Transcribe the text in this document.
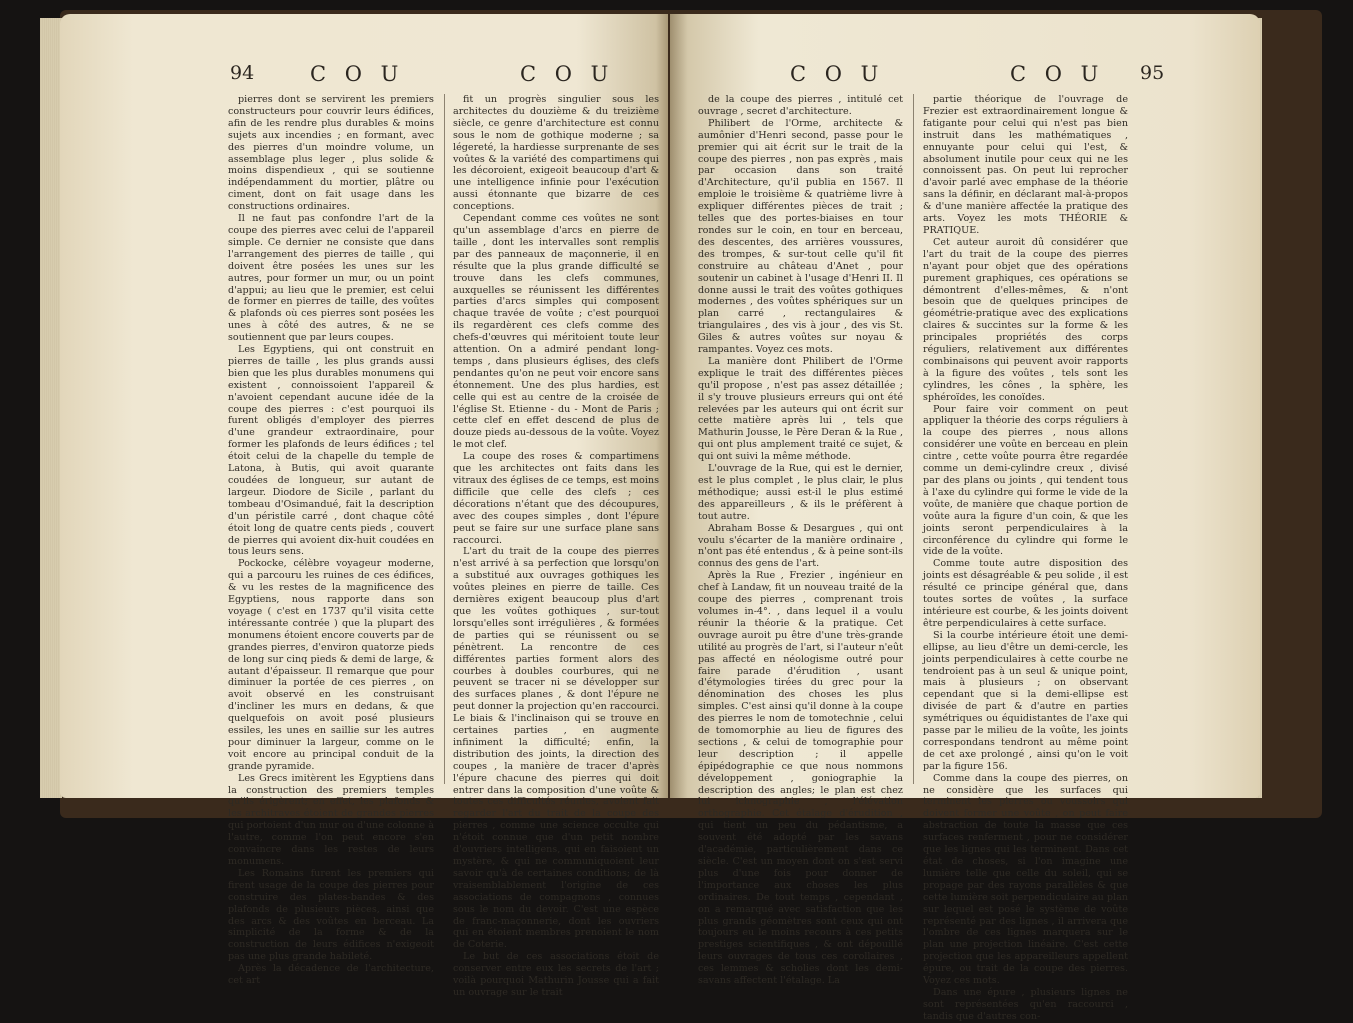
94	C O U	C O U

pierres dont se servirent les premiers constructeurs pour couvrir leurs édifices, afin de les rendre plus durables & moins sujets aux incendies ; en formant, avec des pierres d'un moindre volume, un assemblage plus leger , plus solide & moins dispendieux , qui se soutienne indépendamment du mortier, plâtre ou ciment, dont on fait usage dans les constructions ordinaires.

Il ne faut pas confondre l'art de la coupe des pierres avec celui de l'appareil simple. Ce dernier ne consiste que dans l'arrangement des pierres de taille , qui doivent être posées les unes sur les autres, pour former un mur, ou un point d'appui; au lieu que le premier, est celui de former en pierres de taille, des voûtes & plafonds où ces pierres sont posées les unes à côté des autres, & ne se soutiennent que par leurs coupes.

Les Egyptiens, qui ont construit en pierres de taille , les plus grands aussi bien que les plus durables monumens qui existent , connoissoient l'appareil & n'avoient cependant aucune idée de la coupe des pierres : c'est pourquoi ils furent obligés d'employer des pierres d'une grandeur extraordinaire, pour former les plafonds de leurs édifices ; tel étoit celui de la chapelle du temple de Latona, à Butis, qui avoit quarante coudées de longueur, sur autant de largeur. Diodore de Sicile , parlant du tombeau d'Osimandué, fait la description d'un péristile carré , dont chaque côté étoit long de quatre cents pieds , couvert de pierres qui avoient dix-huit coudées en tous leurs sens.

Pockocke, célèbre voyageur moderne, qui a parcouru les ruines de ces édifices, & vu les restes de la magnificence des Egyptiens, nous rapporte dans son voyage ( c'est en 1737 qu'il visita cette intéressante contrée ) que la plupart des monumens étoient encore couverts par de grandes pierres, d'environ quatorze pieds de long sur cinq pieds & demi de large, & autant d'épaisseur. Il remarque que pour diminuer la portée de ces pierres , on avoit observé en les construisant d'incliner les murs en dedans, & que quelquefois on avoit posé plusieurs essiles, les unes en saillie sur les autres pour diminuer la largeur, comme on le voit encore au principal conduit de la grande pyramide.

Les Grecs imitèrent les Egyptiens dans la construction des premiers temples qu'ils érigèrent; en effet, les plafonds & les architraves étoient de grandes pierres qui portoient d'un mur ou d'une colonne à l'autre, comme l'on peut encore s'en convaincre dans les restes de leurs monumens.

Les Romains furent les premiers qui firent usage de la coupe des pierres pour construire des plates-bandes & des plafonds de plusieurs pièces, ainsi que des arcs & des voûtes en berceau. La simplicité de la forme & de la construction de leurs édifices n'exigeoit pas une plus grande habileté.

Après la décadence de l'architecture, cet art

fit un progrès singulier sous les architectes du douzième & du treizième siècle, ce genre d'architecture est connu sous le nom de gothique moderne ; sa légereté, la hardiesse surprenante de ses voûtes & la variété des compartimens qui les décoroient, exigeoit beaucoup d'art & une intelligence infinie pour l'exécution aussi étonnante que bizarre de ces conceptions.

Cependant comme ces voûtes ne sont qu'un assemblage d'arcs en pierre de taille , dont les intervalles sont remplis par des panneaux de maçonnerie, il en résulte que la plus grande difficulté se trouve dans les clefs communes, auxquelles se réunissent les différentes parties d'arcs simples qui composent chaque travée de voûte ; c'est pourquoi ils regardèrent ces clefs comme des chefs-d'œuvres qui méritoient toute leur attention. On a admiré pendant long-temps , dans plusieurs églises, des clefs pendantes qu'on ne peut voir encore sans étonnement. Une des plus hardies, est celle qui est au centre de la croisée de l'église St. Etienne - du - Mont de Paris ; cette clef en effet descend de plus de douze pieds au-dessous de la voûte. Voyez le mot clef.

La coupe des roses & compartimens que les architectes ont faits dans les vitraux des églises de ce temps, est moins difficile que celle des clefs ; ces décorations n'étant que des découpures, avec des coupes simples , dont l'épure peut se faire sur une surface plane sans raccourci.

L'art du trait de la coupe des pierres n'est arrivé à sa perfection que lorsqu'on a substitué aux ouvrages gothiques les voûtes pleines en pierre de taille. Ces dernières exigent beaucoup plus d'art que les voûtes gothiques , sur-tout lorsqu'elles sont irrégulières , & formées de parties qui se réunissent ou se pénètrent. La rencontre de ces différentes parties forment alors des courbes à doubles courbures, qui ne peuvent se tracer ni se développer sur des surfaces planes , & dont l'épure ne peut donner la projection qu'en raccourci. Le biais & l'inclinaison qui se trouve en certaines parties , en augmente infiniment la difficulté; enfin, la distribution des joints, la direction des coupes , la manière de tracer d'après l'épure chacune des pierres qui doit entrer dans la composition d'une voûte & toutes ces difficultés réunies, avoient fait regarder l'art du trait de la coupe des pierres , comme une science occulte qui n'étoit connue que d'un petit nombre d'ouvriers intelligens, qui en faisoient un mystère, & qui ne communiquoient leur savoir qu'à de certaines conditions; de là vraisemblablement l'origine de ces associations de compagnons , connues sous le nom du devoir. C'est une espèce de franc-maçonnerie, dont les ouvriers qui en étoient membres prenoient le nom de Coterie.

Le but de ces associations étoit de conserver entre eux les secrets de l'art ; voilà pourquoi Mathurin Jousse qui a fait un ouvrage sur le trait

C O U	C O U 95

de la coupe des pierres , intitulé cet ouvrage , secret d'architecture.

Philibert de l'Orme, architecte & aumônier d'Henri second, passe pour le premier qui ait écrit sur le trait de la coupe des pierres , non pas exprès , mais par occasion dans son traité d'Architecture, qu'il publia en 1567. Il emploie le troisième & quatrième livre à expliquer différentes pièces de trait ; telles que des portes-biaises en tour rondes sur le coin, en tour en berceau, des descentes, des arrières voussures, des trompes, & sur-tout celle qu'il fit construire au château d'Anet , pour soutenir un cabinet à l'usage d'Henri II. Il donne aussi le trait des voûtes gothiques modernes , des voûtes sphériques sur un plan carré , rectangulaires & triangulaires , des vis à jour , des vis St. Giles & autres voûtes sur noyau & rampantes. Voyez ces mots.

La manière dont Philibert de l'Orme explique le trait des différentes pièces qu'il propose , n'est pas assez détaillée ; il s'y trouve plusieurs erreurs qui ont été relevées par les auteurs qui ont écrit sur cette matière après lui , tels que Mathurin Jousse, le Père Deran & la Rue , qui ont plus amplement traité ce sujet, & qui ont suivi la même méthode.

L'ouvrage de la Rue, qui est le dernier, est le plus complet , le plus clair, le plus méthodique; aussi est-il le plus estimé des appareilleurs , & ils le préfèrent à tout autre.

Abraham Bosse & Desargues , qui ont voulu s'écarter de la manière ordinaire , n'ont pas été entendus , & à peine sont-ils connus des gens de l'art.

Après la Rue , Frezier , ingénieur en chef à Landaw, fit un nouveau traité de la coupe des pierres , comprenant trois volumes in-4°. , dans lequel il a voulu réunir la théorie & la pratique. Cet ouvrage auroit pu être d'une très-grande utilité au progrès de l'art, si l'auteur n'eût pas affecté en néologisme outré pour faire parade d'érudition , usant d'étymologies tirées du grec pour la dénomination des choses les plus simples. C'est ainsi qu'il donne à la coupe des pierres le nom de tomotechnie , celui de tomomorphie au lieu de figures des sections , & celui de tomographie pour leur description ; il appelle épipédographie ce que nous nommons développement , goniographie la description des angles; le plan est chez lui ichnographie , l'élévation orthographie. Cet étalage d'érudition , qui tient un peu du pédantisme, a souvent été adopté par les savans d'académie, particulièrement dans ce siècle. C'est un moyen dont on s'est servi plus d'une fois pour donner de l'importance aux choses les plus ordinaires. De tout temps , cependant , on a remarqué avec satisfaction que les plus grands géomètres sont ceux qui ont toujours eu le moins recours à ces petits prestiges scientifiques , & ont dépouillé leurs ouvrages de tous ces corollaires , ces lemmes & scholies dont les demi-savans affectent l'étalage. La

partie théorique de l'ouvrage de Frezier est extraordinairement longue & fatigante pour celui qui n'est pas bien instruit dans les mathématiques , ennuyante pour celui qui l'est, & absolument inutile pour ceux qui ne les connoissent pas. On peut lui reprocher d'avoir parlé avec emphase de la théorie sans la définir, en déclarant mal-à-propos & d'une manière affectée la pratique des arts. Voyez les mots THÉORIE & PRATIQUE.

Cet auteur auroit dû considérer que l'art du trait de la coupe des pierres n'ayant pour objet que des opérations purement graphiques, ces opérations se démontrent d'elles-mêmes, & n'ont besoin que de quelques principes de géométrie-pratique avec des explications claires & succintes sur la forme & les principales propriétés des corps réguliers, relativement aux différentes combinaisons qui peuvent avoir rapports à la figure des voûtes , tels sont les cylindres, les cônes , la sphère, les sphéroïdes, les conoïdes.

Pour faire voir comment on peut appliquer la théorie des corps réguliers à la coupe des pierres , nous allons considérer une voûte en berceau en plein cintre , cette voûte pourra être regardée comme un demi-cylindre creux , divisé par des plans ou joints , qui tendent tous à l'axe du cylindre qui forme le vide de la voûte, de manière que chaque portion de voûte aura la figure d'un coin, & que les joints seront perpendiculaires à la circonférence du cylindre qui forme le vide de la voûte.

Comme toute autre disposition des joints est désagréable & peu solide , il est résulté ce principe général que, dans toutes sortes de voûtes , la surface intérieure est courbe, & les joints doivent être perpendiculaires à cette surface.

Si la courbe intérieure étoit une demi-ellipse, au lieu d'être un demi-cercle, les joints perpendiculaires à cette courbe ne tendroient pas à un seul & unique point, mais à plusieurs ; on observant cependant que si la demi-ellipse est divisée de part & d'autre en parties symétriques ou équidistantes de l'axe qui passe par le milieu de la voûte, les joints correspondans tendront au même point de cet axe prolongé , ainsi qu'on le voit par la figure 156.

Comme dans la coupe des pierres, on ne considère que les surfaces qui terminent les pierres ou voussoirs qui doivent former une voûte , on peut faire abstraction de toute la masse que ces surfaces renferment , pour ne considérer que les lignes qui les terminent. Dans cet état de choses, si l'on imagine une lumière telle que celle du soleil, qui se propage par des rayons parallèles & que cette lumière soit perpendiculaire au plan sur lequel est posé le système de voûte représenté par des lignes , il arrivera que l'ombre de ces lignes marquera sur le plan une projection linéaire. C'est cette projection que les appareilleurs appellent épure, ou trait de la coupe des pierres. Voyez ces mots.

Dans une épure , plusieurs lignes ne sont représentées qu'en raccourci , tandis que d'autres con-
